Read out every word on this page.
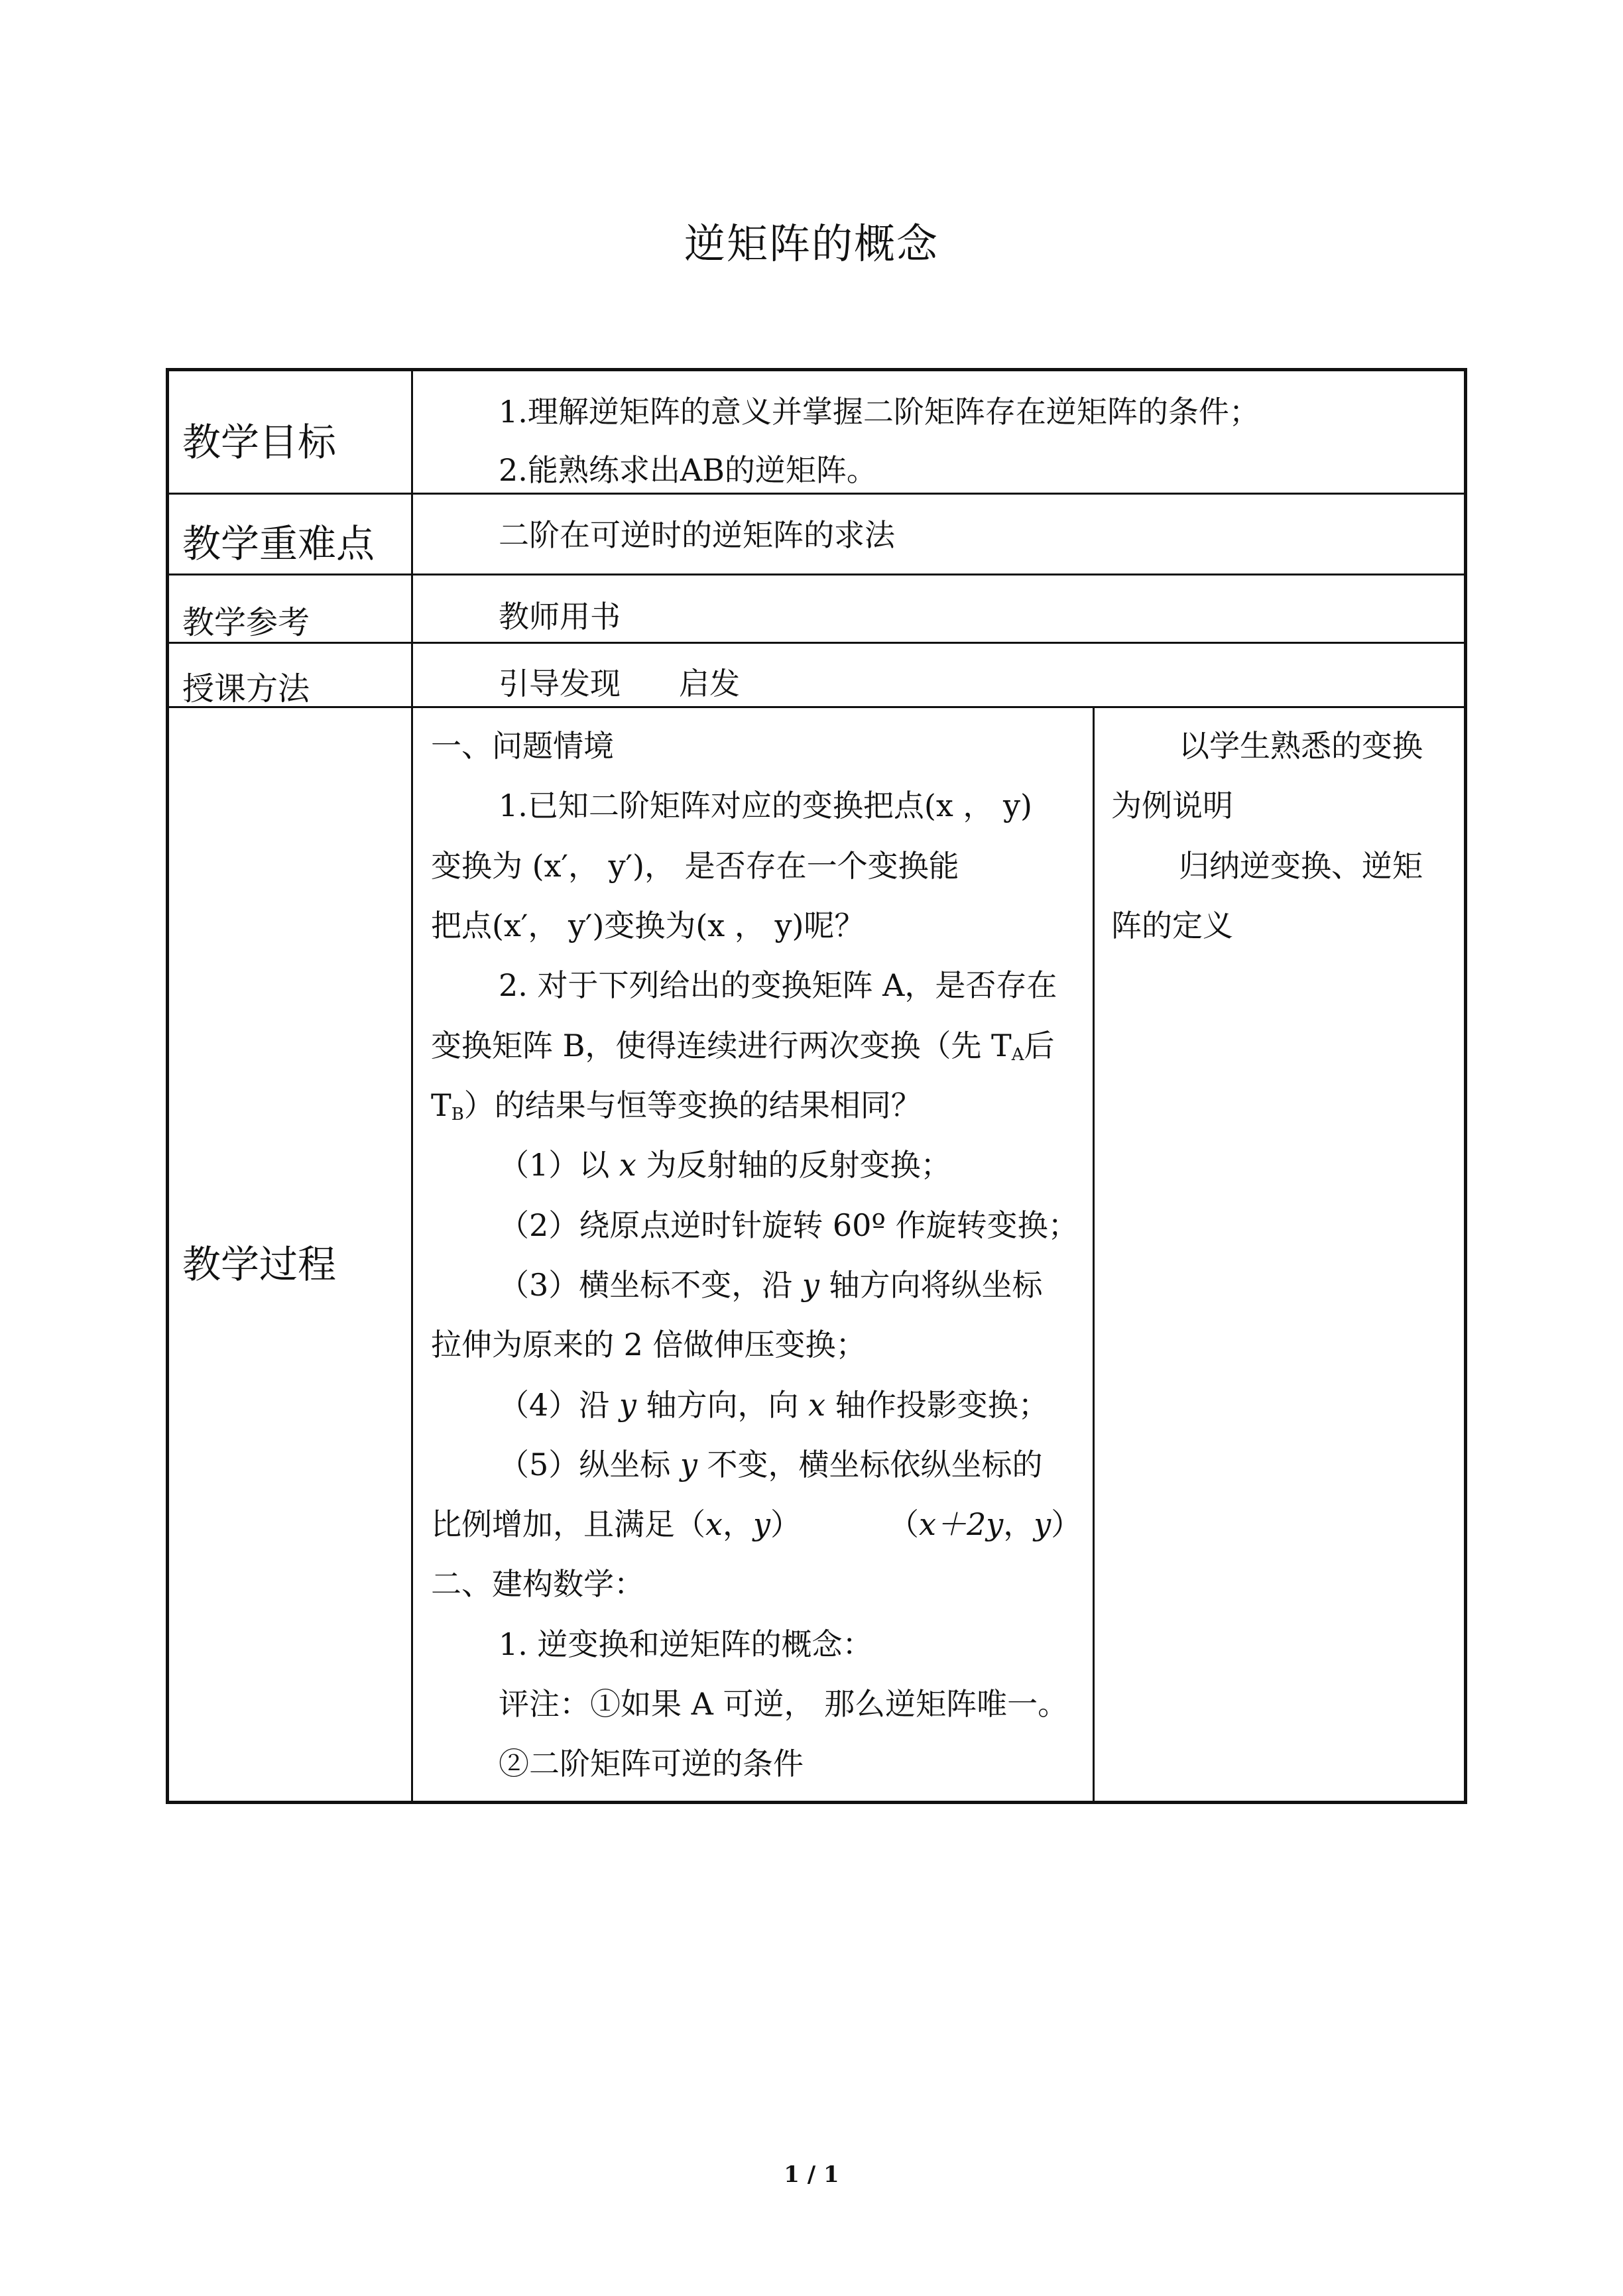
逆矩阵的概念
教学目标
教学重难点
教学参考
授课方法
教学过程
1.理解逆矩阵的意义并掌握二阶矩阵存在逆矩阵的条件；
2.能熟练求出AB的逆矩阵。
二阶在可逆时的逆矩阵的求法
教师用书
引导发现 启发
一、问题情境
1.已知二阶矩阵对应的变换把点(x ， y)
变换为 (x′， y′)， 是否存在一个变换能
把点(x′， y′)变换为(x ， y)呢？
2. 对于下列给出的变换矩阵 A，是否存在
变换矩阵 B，使得连续进行两次变换（先 $T_A$后
$T_B$）的结果与恒等变换的结果相同？
（1）以 x 为反射轴的反射变换；
（2）绕原点逆时针旋转 60º 作旋转变换；
（3）横坐标不变，沿 y 轴方向将纵坐标
拉伸为原来的 2 倍做伸压变换；
（4）沿 y 轴方向，向 x 轴作投影变换；
（5）纵坐标 y 不变，横坐标依纵坐标的
比例增加，且满足（x，y）	（x＋2y，y）
二、建构数学：
1. 逆变换和逆矩阵的概念：
评注：①如果 A 可逆， 那么逆矩阵唯一。
②二阶矩阵可逆的条件
以学生熟悉的变换
为例说明
归纳逆变换、逆矩
阵的定义
1 / 1
